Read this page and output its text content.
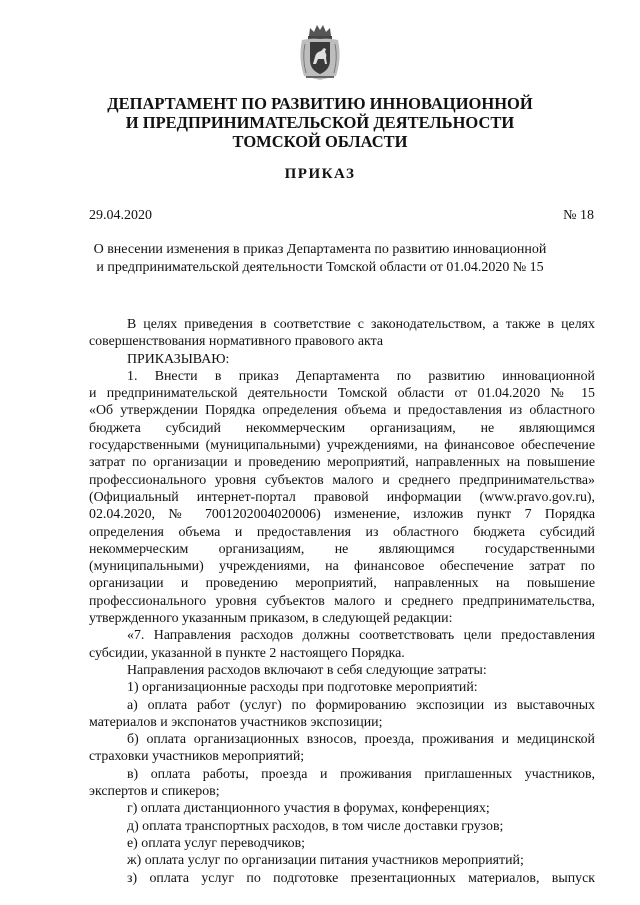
ДЕПАРТАМЕНТ ПО РАЗВИТИЮ ИННОВАЦИОННОЙ
И ПРЕДПРИНИМАТЕЛЬСКОЙ ДЕЯТЕЛЬНОСТИ
ТОМСКОЙ ОБЛАСТИ
ПРИКАЗ
29.04.2020	№ 18
О внесении изменения в приказ Департамента по развитию инновационной
и предпринимательской деятельности Томской области от 01.04.2020 № 15
В целях приведения в соответствие с законодательством, а также в целях
совершенствования нормативного правового акта
ПРИКАЗЫВАЮ:
1. Внести в приказ Департамента по развитию инновационной
и предпринимательской деятельности Томской области от 01.04.2020 № 15
«Об утверждении Порядка определения объема и предоставления из областного
бюджета субсидий некоммерческим организациям, не являющимся
государственными (муниципальными) учреждениями, на финансовое обеспечение
затрат по организации и проведению мероприятий, направленных на повышение
профессионального уровня субъектов малого и среднего предпринимательства»
(Официальный интернет-портал правовой информации (www.pravo.gov.ru),
02.04.2020, № 7001202004020006) изменение, изложив пункт 7 Порядка
определения объема и предоставления из областного бюджета субсидий
некоммерческим организациям, не являющимся государственными
(муниципальными) учреждениями, на финансовое обеспечение затрат по
организации и проведению мероприятий, направленных на повышение
профессионального уровня субъектов малого и среднего предпринимательства,
утвержденного указанным приказом, в следующей редакции:
«7. Направления расходов должны соответствовать цели предоставления
субсидии, указанной в пункте 2 настоящего Порядка.
Направления расходов включают в себя следующие затраты:
1) организационные расходы при подготовке мероприятий:
а) оплата работ (услуг) по формированию экспозиции из выставочных
материалов и экспонатов участников экспозиции;
б) оплата организационных взносов, проезда, проживания и медицинской
страховки участников мероприятий;
в) оплата работы, проезда и проживания приглашенных участников,
экспертов и спикеров;
г) оплата дистанционного участия в форумах, конференциях;
д) оплата транспортных расходов, в том числе доставки грузов;
е) оплата услуг переводчиков;
ж) оплата услуг по организации питания участников мероприятий;
з) оплата услуг по подготовке презентационных материалов, выпуск
